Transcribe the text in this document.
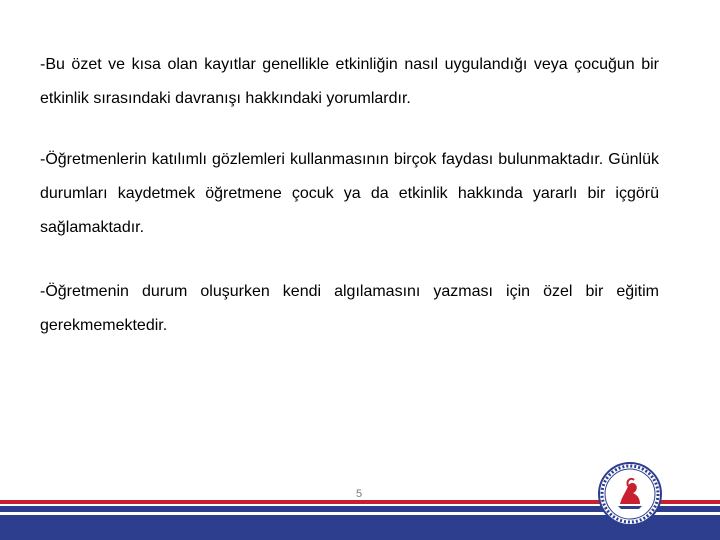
-Bu özet ve kısa olan kayıtlar genellikle etkinliğin nasıl uygulandığı veya çocuğun bir etkinlik sırasındaki davranışı hakkındaki yorumlardır.

-Öğretmenlerin katılımlı gözlemleri kullanmasının birçok faydası bulunmaktadır. Günlük durumları kaydetmek öğretmene çocuk ya da etkinlik hakkında yararlı bir içgörü sağlamaktadır.

-Öğretmenin durum oluşurken kendi algılamasını yazması için özel bir eğitim gerekmemektedir.

5
